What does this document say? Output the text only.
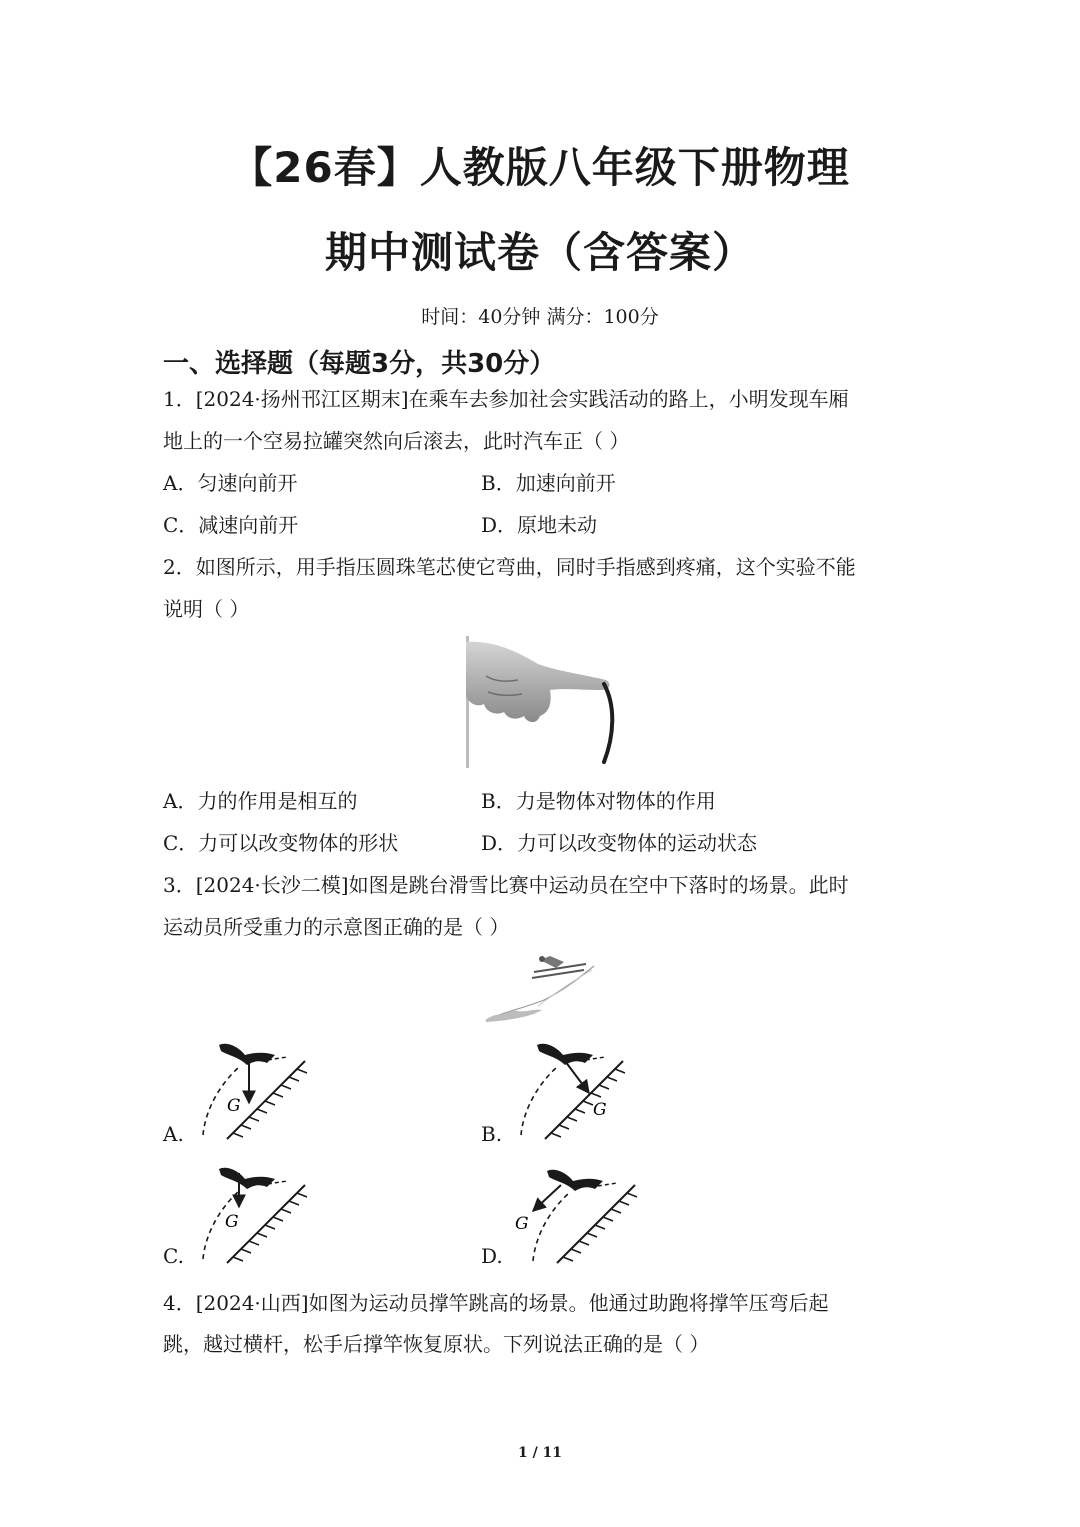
【26春】人教版八年级下册物理
期中测试卷（含答案）
时间：40分钟 满分：100分
一、选择题（每题3分，共30分）
1．[2024·扬州邗江区期末]在乘车去参加社会实践活动的路上，小明发现车厢
地上的一个空易拉罐突然向后滚去，此时汽车正（ ）
A．匀速向前开	B．加速向前开
C．减速向前开	D．原地未动
2．如图所示，用手指压圆珠笔芯使它弯曲，同时手指感到疼痛，这个实验不能
说明（ ）
A．力的作用是相互的	B．力是物体对物体的作用
C．力可以改变物体的形状	D．力可以改变物体的运动状态
3．[2024·长沙二模]如图是跳台滑雪比赛中运动员在空中下落时的场景。此时
运动员所受重力的示意图正确的是（ ）
G	G
G	G
A.	B.
C.	D.
4．[2024·山西]如图为运动员撑竿跳高的场景。他通过助跑将撑竿压弯后起
跳，越过横杆，松手后撑竿恢复原状。下列说法正确的是（ ）
1 / 11
